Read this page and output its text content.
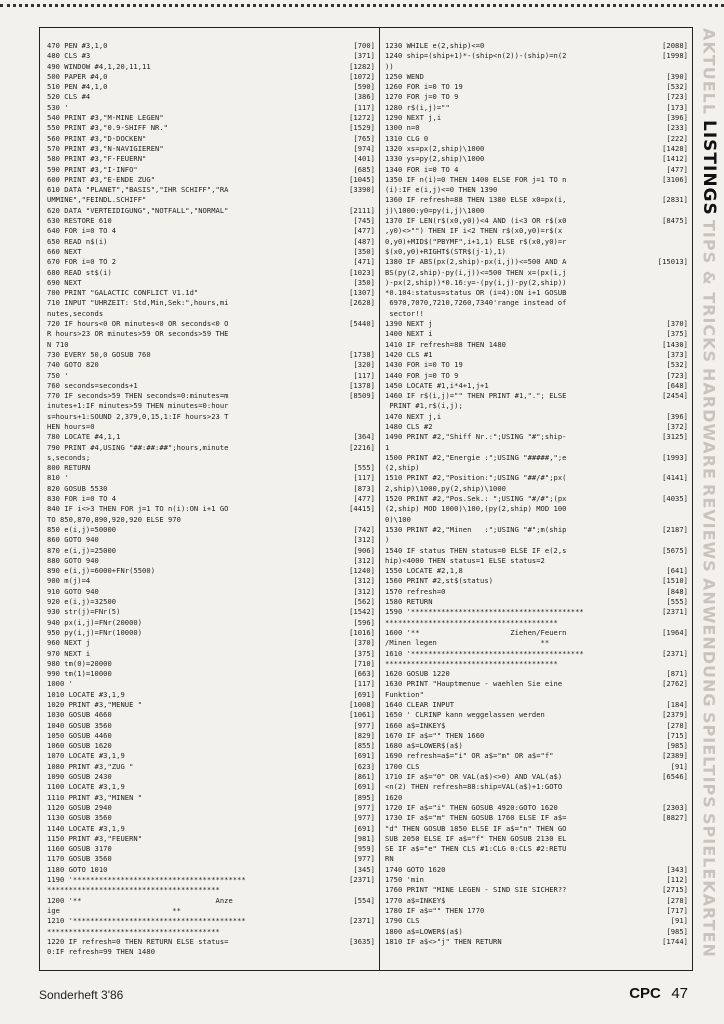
470 PEN #3,1,0	[700]
480 CLS #3	[371]
490 WINDOW #4,1,20,11,11	[1282]
500 PAPER #4,0	[1072]
510 PEN #4,1,0	[590]
520 CLS #4	[386]
530 '	[117]
540 PRINT #3,"M-MINE LEGEN"	[1272]
550 PRINT #3,"0.9-SHIFF NR."	[1529]
560 PRINT #3,"D-DOCKEN"	[765]
570 PRINT #3,"N-NAVIGIEREN"	[974]
580 PRINT #3,"F-FEUERN"	[401]
590 PRINT #3,"I-INFO"	[685]
600 PRINT #3,"E-ENDE ZUG"	[1045]
610 DATA "PLANET","BASIS","IHR SCHIFF","RA	[3390]
UMMINE","FEINDL.SCHIFF"
620 DATA "VERTEIDIGUNG","NOTFALL","NORMAL"	[2111]
630 RESTORE 610	[745]
640 FOR i=0 TO 4	[477]
650 READ n$(i)	[487]
660 NEXT	[350]
670 FOR i=0 TO 2	[471]
680 READ st$(i)	[1023]
690 NEXT	[350]
700 PRINT "GALACTIC CONFLICT V1.1d"	[1307]
710 INPUT "UHRZEIT: Std,Min,Sek:",hours,mi	[2628]
nutes,seconds
720 IF hours<0 OR minutes<0 OR seconds<0 O	[5440]
R hours>23 OR minutes>59 OR seconds>59 THE
N 710
730 EVERY 50,0 GOSUB 760	[1738]
740 GOTO 820	[320]
750 '	[117]
760 seconds=seconds+1	[1378]
770 IF seconds>59 THEN seconds=0:minutes=m	[8509]
inutes+1:IF minutes>59 THEN minutes=0:hour
s=hours+1:SOUND 2,379,0,15,1:IF hours>23 T
HEN hours=0
780 LOCATE #4,1,1	[364]
790 PRINT #4,USING "##:##:##";hours,minute	[2216]
s,seconds;
800 RETURN	[555]
810 '	[117]
820 GOSUB 5530	[873]
830 FOR i=0 TO 4	[477]
840 IF i<>3 THEN FOR j=1 TO n(i):ON i+1 GO	[4415]
TO 850,870,890,920,920 ELSE 970
850 e(i,j)=50000	[742]
860 GOTO 940	[312]
870 e(i,j)=25000	[906]
880 GOTO 940	[312]
890 e(i,j)=6000+FNr(5500)	[1240]
900 m(j)=4	[312]
910 GOTO 940	[312]
920 e(i,j)=32500	[562]
930 str(j)=FNr(5)	[1542]
940 px(i,j)=FNr(20000)	[596]
950 py(i,j)=FNr(10000)	[1016]
960 NEXT j	[370]
970 NEXT i	[375]
980 tm(0)=20000	[710]
990 tm(1)=10000	[663]
1000 '	[117]
1010 LOCATE #3,1,9	[691]
1020 PRINT #3,"MENUE "	[1008]
1030 GOSUB 4660	[1061]
1040 GOSUB 3560	[977]
1050 GOSUB 4460	[829]
1060 GOSUB 1620	[855]
1070 LOCATE #3,1,9	[691]
1080 PRINT #3,"ZUG "	[623]
1090 GOSUB 2430	[861]
1100 LOCATE #3,1,9	[691]
1110 PRINT #3,"MINEN "	[895]
1120 GOSUB 2940	[977]
1130 GOSUB 3560	[977]
1140 LOCATE #3,1,9	[691]
1150 PRINT #3,"FEUERN"	[981]
1160 GOSUB 3170	[959]
1170 GOSUB 3560	[977]
1180 GOTO 1010	[345]
1190 '****************************************	[2371]
****************************************
1200 '**                               Anze	[554]
ige                          **
1210 '****************************************	[2371]
****************************************
1220 IF refresh=0 THEN RETURN ELSE status=	[3635]
0:IF refresh=99 THEN 1480
1230 WHILE e(2,ship)<=0	[2088]
1240 ship=(ship+1)*-(ship<n(2))-(ship)=n(2	[1998]
))
1250 WEND	[390]
1260 FOR i=0 TO 19	[532]
1270 FOR j=0 TO 9	[723]
1280 r$(i,j)=""	[173]
1290 NEXT j,i	[396]
1300 n=0	[233]
1310 CLG 0	[222]
1320 xs=px(2,ship)\1000	[1428]
1330 ys=py(2,ship)\1000	[1412]
1340 FOR i=0 TO 4	[477]
1350 IF n(i)=0 THEN 1400 ELSE FOR j=1 TO n	[3106]
(i):IF e(i,j)<=0 THEN 1390
1360 IF refresh=88 THEN 1380 ELSE x0=px(i,	[2831]
j)\1000:y0=py(i,j)\1000
1370 IF LEN(r$(x0,y0))<4 AND (i<3 OR r$(x0	[8475]
,y0)<>"") THEN IF i<2 THEN r$(x0,y0)=r$(x
0,y0)+MID$("PBYMF",i+1,1) ELSE r$(x0,y0)=r
$(x0,y0)+RIGHT$(STR$(j-1),1)
1380 IF ABS(px(2,ship)-px(i,j))<=500 AND A	[15013]
BS(py(2,ship)-py(i,j))<=500 THEN x=(px(i,j
)-px(2,ship))*0.16:y=-(py(i,j)-py(2,ship))
*0.104:status=status OR (i=4):ON i+1 GOSUB
6970,7070,7210,7260,7340'range instead of
sector!!
1390 NEXT j	[370]
1400 NEXT i	[375]
1410 IF refresh=88 THEN 1480	[1430]
1420 CLS #1	[373]
1430 FOR i=0 TO 19	[532]
1440 FOR j=0 TO 9	[723]
1450 LOCATE #1,i*4+1,j+1	[648]
1460 IF r$(i,j)="" THEN PRINT #1,"."; ELSE	[2454]
PRINT #1,r$(i,j);
1470 NEXT j,i	[396]
1480 CLS #2	[372]
1490 PRINT #2,"Shiff Nr.:";USING "#";ship-	[3125]
1
1500 PRINT #2,"Energie :";USING "#####,";e	[1993]
(2,ship)
1510 PRINT #2,"Position:";USING "##/#";px(	[4141]
2,ship)\1000,py(2,ship)\1000
1520 PRINT #2,"Pos.Sek.: ";USING "#/#";(px	[4035]
(2,ship) MOD 1000)\100,(py(2,ship) MOD 100
0)\100
1530 PRINT #2,"Minen   :";USING "#";m(ship	[2187]
)
1540 IF status THEN status=0 ELSE IF e(2,s	[5675]
hip)<4000 THEN status=1 ELSE status=2
1550 LOCATE #2,1,8	[641]
1560 PRINT #2,st$(status)	[1510]
1570 refresh=0	[848]
1580 RETURN	[555]
1590 '****************************************	[2371]
****************************************
1600 '**                     Ziehen/Feuern	[1964]
/Minen legen                        **
1610 '****************************************	[2371]
****************************************
1620 GOSUB 1220	[871]
1630 PRINT "Hauptmenue - waehlen Sie eine	[2762]
Funktion"
1640 CLEAR INPUT	[184]
1650 ' CLRINP kann weggelassen werden	[2379]
1660 a$=INKEY$	[278]
1670 IF a$="" THEN 1660	[715]
1680 a$=LOWER$(a$)	[985]
1690 refresh=a$="i" OR a$="m" OR a$="f"	[2389]
1700 CLS	[91]
1710 IF a$="0" OR VAL(a$)<>0) AND VAL(a$)	[6546]
<n(2) THEN refresh=88:ship=VAL(a$)+1:GOTO
1620
1720 IF a$="i" THEN GOSUB 4920:GOTO 1620	[2303]
1730 IF a$="m" THEN GOSUB 1760 ELSE IF a$=	[8827]
"d" THEN GOSUB 1850 ELSE IF a$="n" THEN GO
SUB 2050 ELSE IF a$="f" THEN GOSUB 2130 EL
SE IF a$="e" THEN CLS #1:CLG 0:CLS #2:RETU
RN
1740 GOTO 1620	[343]
1750 'min	[112]
1760 PRINT "MINE LEGEN - SIND SIE SICHER??	[2715]
1770 a$=INKEY$	[278]
1780 IF a$="" THEN 1770	[717]
1790 CLS	[91]
1800 a$=LOWER$(a$)	[985]
1810 IF a$<>"j" THEN RETURN	[1744]
AKTUELL
LISTINGS
TIPS & TRICKS
HARDWARE
REVIEWS
ANWENDUNG
SPIELTIPS
SPIELEKARTEN
Sonderheft 3'86	CPC 47
